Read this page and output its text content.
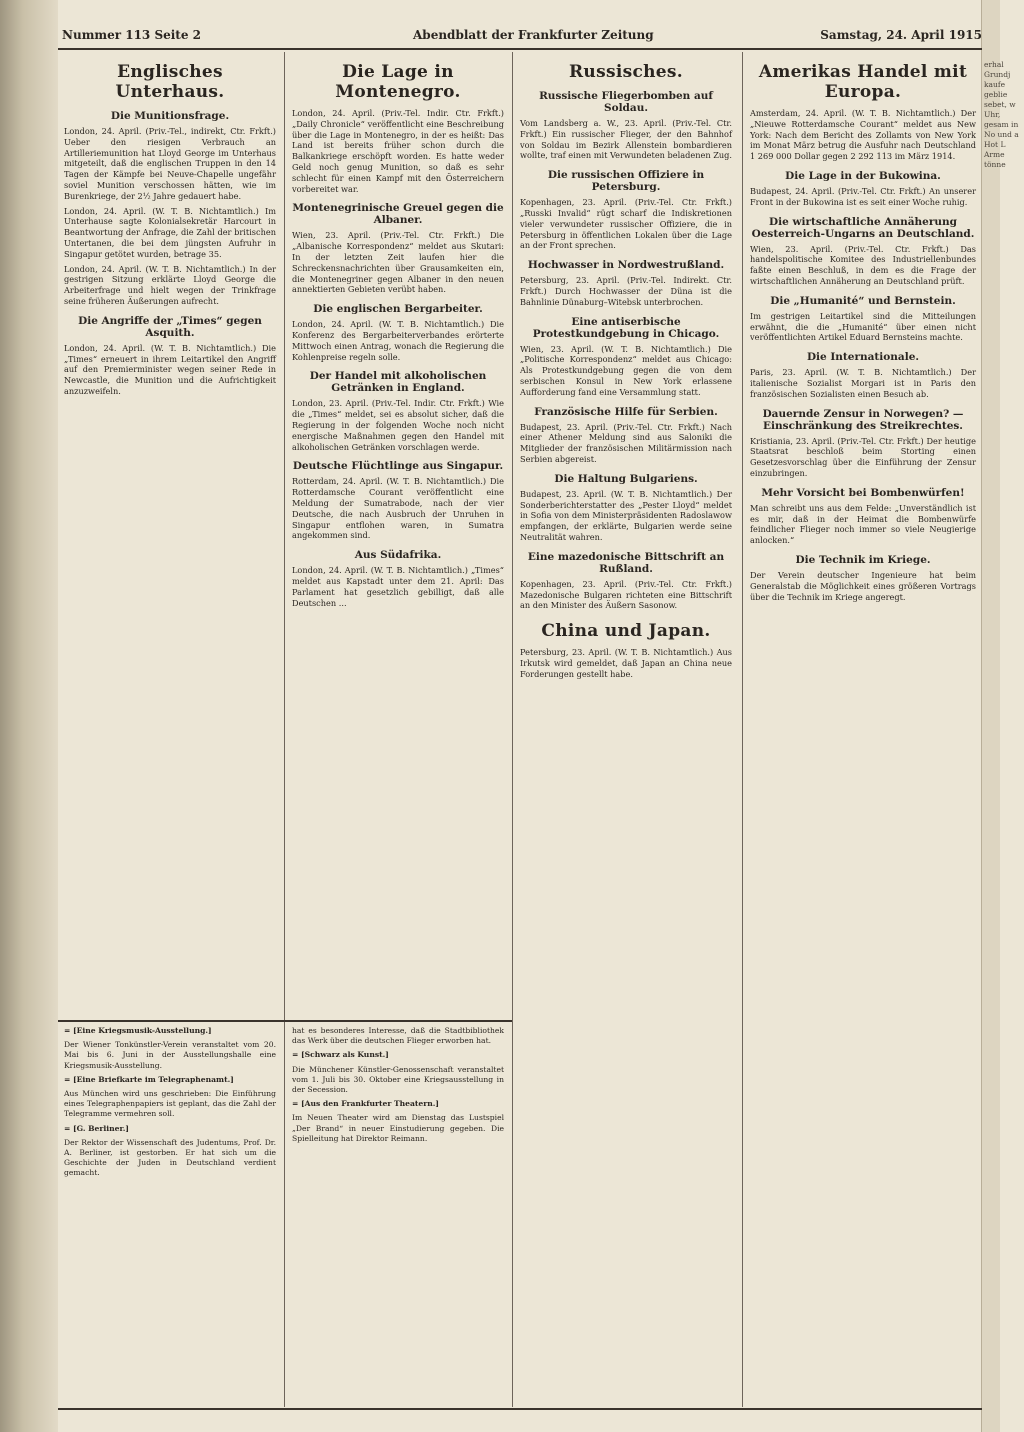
erhal Grundj kaufe geblie sebet, w Uhr, gesam in No und a Hot L Arme tönne
Nummer 113 Seite 2	Abendblatt der Frankfurter Zeitung	Samstag, 24. April 1915
Englisches Unterhaus.
Die Munitionsfrage.

London, 24. April. (Priv.-Tel., indirekt, Ctr. Frkft.) Ueber den riesigen Verbrauch an Artilleriemunition hat Lloyd George im Unterhaus mitgeteilt, daß die englischen Truppen in den 14 Tagen der Kämpfe bei Neuve-Chapelle ungefähr soviel Munition verschossen hätten, wie im Burenkriege, der 2½ Jahre gedauert habe.

London, 24. April. (W. T. B. Nichtamtlich.) Im Unterhause sagte Kolonialsekretär Harcourt in Beantwortung der Anfrage, die Zahl der britischen Untertanen, die bei dem jüngsten Aufruhr in Singapur getötet wurden, betrage 35.

London, 24. April. (W. T. B. Nichtamtlich.) In der gestrigen Sitzung erklärte Lloyd George die Arbeiterfrage und hielt wegen der Trinkfrage seine früheren Äußerungen aufrecht.

Die Angriffe der „Times“ gegen Asquith.

London, 24. April. (W. T. B. Nichtamtlich.) Die „Times“ erneuert in ihrem Leitartikel den Angriff auf den Premierminister wegen seiner Rede in Newcastle, die Munition und die Aufrichtigkeit anzuzweifeln.

Die Lage in Montenegro.

London, 24. April. (Priv.-Tel. Indir. Ctr. Frkft.) „Daily Chronicle“ veröffentlicht eine Beschreibung über die Lage in Montenegro, in der es heißt: Das Land ist bereits früher schon durch die Balkankriege erschöpft worden. Es hatte weder Geld noch genug Munition, so daß es sehr schlecht für einen Kampf mit den Österreichern vorbereitet war.

Montenegrinische Greuel gegen die Albaner.

Wien, 23. April. (Priv.-Tel. Ctr. Frkft.) Die „Albanische Korrespondenz“ meldet aus Skutari: In der letzten Zeit laufen hier die Schreckensnachrichten über Grausamkeiten ein, die Montenegriner gegen Albaner in den neuen annektierten Gebieten verübt haben.

Die englischen Bergarbeiter.

London, 24. April. (W. T. B. Nichtamtlich.) Die Konferenz des Bergarbeiterverbandes erörterte Mittwoch einen Antrag, wonach die Regierung die Kohlenpreise regeln solle.

Der Handel mit alkoholischen Getränken in England.

London, 23. April. (Priv.-Tel. Indir. Ctr. Frkft.) Wie die „Times“ meldet, sei es absolut sicher, daß die Regierung in der folgenden Woche noch nicht energische Maßnahmen gegen den Handel mit alkoholischen Getränken vorschlagen werde.

Deutsche Flüchtlinge aus Singapur.

Rotterdam, 24. April. (W. T. B. Nichtamtlich.) Die Rotterdamsche Courant veröffentlicht eine Meldung der Sumatrabode, nach der vier Deutsche, die nach Ausbruch der Unruhen in Singapur entflohen waren, in Sumatra angekommen sind.

Aus Südafrika.

London, 24. April. (W. T. B. Nichtamtlich.) „Times“ meldet aus Kapstadt unter dem 21. April: Das Parlament hat gesetzlich gebilligt, daß alle Deutschen ...

Russisches.
Russische Fliegerbomben auf Soldau.

Vom Landsberg a. W., 23. April. (Priv.-Tel. Ctr. Frkft.) Ein russischer Flieger, der den Bahnhof von Soldau im Bezirk Allenstein bombardieren wollte, traf einen mit Verwundeten beladenen Zug.

Die russischen Offiziere in Petersburg.

Kopenhagen, 23. April. (Priv.-Tel. Ctr. Frkft.) „Russki Invalid“ rügt scharf die Indiskretionen vieler verwundeter russischer Offiziere, die in Petersburg in öffentlichen Lokalen über die Lage an der Front sprechen.

Hochwasser in Nordwestrußland.

Petersburg, 23. April. (Priv.-Tel. Indirekt. Ctr. Frkft.) Durch Hochwasser der Düna ist die Bahnlinie Dünaburg–Witebsk unterbrochen.

Eine antiserbische Protestkundgebung in Chicago.

Wien, 23. April. (W. T. B. Nichtamtlich.) Die „Politische Korrespondenz“ meldet aus Chicago: Als Protestkundgebung gegen die von dem serbischen Konsul in New York erlassene Aufforderung fand eine Versammlung statt.

Französische Hilfe für Serbien.

Budapest, 23. April. (Priv.-Tel. Ctr. Frkft.) Nach einer Athener Meldung sind aus Saloniki die Mitglieder der französischen Militärmission nach Serbien abgereist.

Die Haltung Bulgariens.

Budapest, 23. April. (W. T. B. Nichtamtlich.) Der Sonderberichterstatter des „Pester Lloyd“ meldet in Sofia von dem Ministerpräsidenten Radoslawow empfangen, der erklärte, Bulgarien werde seine Neutralität wahren.

Eine mazedonische Bittschrift an Rußland.

Kopenhagen, 23. April. (Priv.-Tel. Ctr. Frkft.) Mazedonische Bulgaren richteten eine Bittschrift an den Minister des Äußern Sasonow.

China und Japan.

Petersburg, 23. April. (W. T. B. Nichtamtlich.) Aus Irkutsk wird gemeldet, daß Japan an China neue Forderungen gestellt habe.

Amerikas Handel mit Europa.

Amsterdam, 24. April. (W. T. B. Nichtamtlich.) Der „Nieuwe Rotterdamsche Courant“ meldet aus New York: Nach dem Bericht des Zollamts von New York im Monat März betrug die Ausfuhr nach Deutschland 1 269 000 Dollar gegen 2 292 113 im März 1914.

Die Lage in der Bukowina.

Budapest, 24. April. (Priv.-Tel. Ctr. Frkft.) An unserer Front in der Bukowina ist es seit einer Woche ruhig.

Die wirtschaftliche Annäherung Oesterreich-Ungarns an Deutschland.

Wien, 23. April. (Priv.-Tel. Ctr. Frkft.) Das handelspolitische Komitee des Industriellenbundes faßte einen Beschluß, in dem es die Frage der wirtschaftlichen Annäherung an Deutschland prüft.

Die „Humanité“ und Bernstein.

Im gestrigen Leitartikel sind die Mitteilungen erwähnt, die die „Humanité“ über einen nicht veröffentlichten Artikel Eduard Bernsteins machte.

Die Internationale.

Paris, 23. April. (W. T. B. Nichtamtlich.) Der italienische Sozialist Morgari ist in Paris den französischen Sozialisten einen Besuch ab.

Dauernde Zensur in Norwegen? — Einschränkung des Streikrechtes.

Kristiania, 23. April. (Priv.-Tel. Ctr. Frkft.) Der heutige Staatsrat beschloß beim Storting einen Gesetzesvorschlag über die Einführung der Zensur einzubringen.

Mehr Vorsicht bei Bombenwürfen!

Man schreibt uns aus dem Felde: „Unverständlich ist es mir, daß in der Heimat die Bombenwürfe feindlicher Flieger noch immer so viele Neugierige anlocken.“

Die Technik im Kriege.

Der Verein deutscher Ingenieure hat beim Generalstab die Möglichkeit eines größeren Vortrags über die Technik im Kriege angeregt.

= [Eine Kriegsmusik-Ausstellung.]

Der Wiener Tonkünstler-Verein veranstaltet vom 20. Mai bis 6. Juni in der Ausstellungshalle eine Kriegsmusik-Ausstellung.

= [Eine Briefkarte im Telegraphenamt.]

Aus München wird uns geschrieben: Die Einführung eines Telegraphenpapiers ist geplant, das die Zahl der Telegramme vermehren soll.

= [G. Berliner.]

Der Rektor der Wissenschaft des Judentums, Prof. Dr. A. Berliner, ist gestorben. Er hat sich um die Geschichte der Juden in Deutschland verdient gemacht.

hat es besonderes Interesse, daß die Stadtbibliothek das Werk über die deutschen Flieger erworben hat.

= [Schwarz als Kunst.]

Die Münchener Künstler-Genossenschaft veranstaltet vom 1. Juli bis 30. Oktober eine Kriegsausstellung in der Secession.

= [Aus den Frankfurter Theatern.]

Im Neuen Theater wird am Dienstag das Lustspiel „Der Brand“ in neuer Einstudierung gegeben. Die Spielleitung hat Direktor Reimann.
